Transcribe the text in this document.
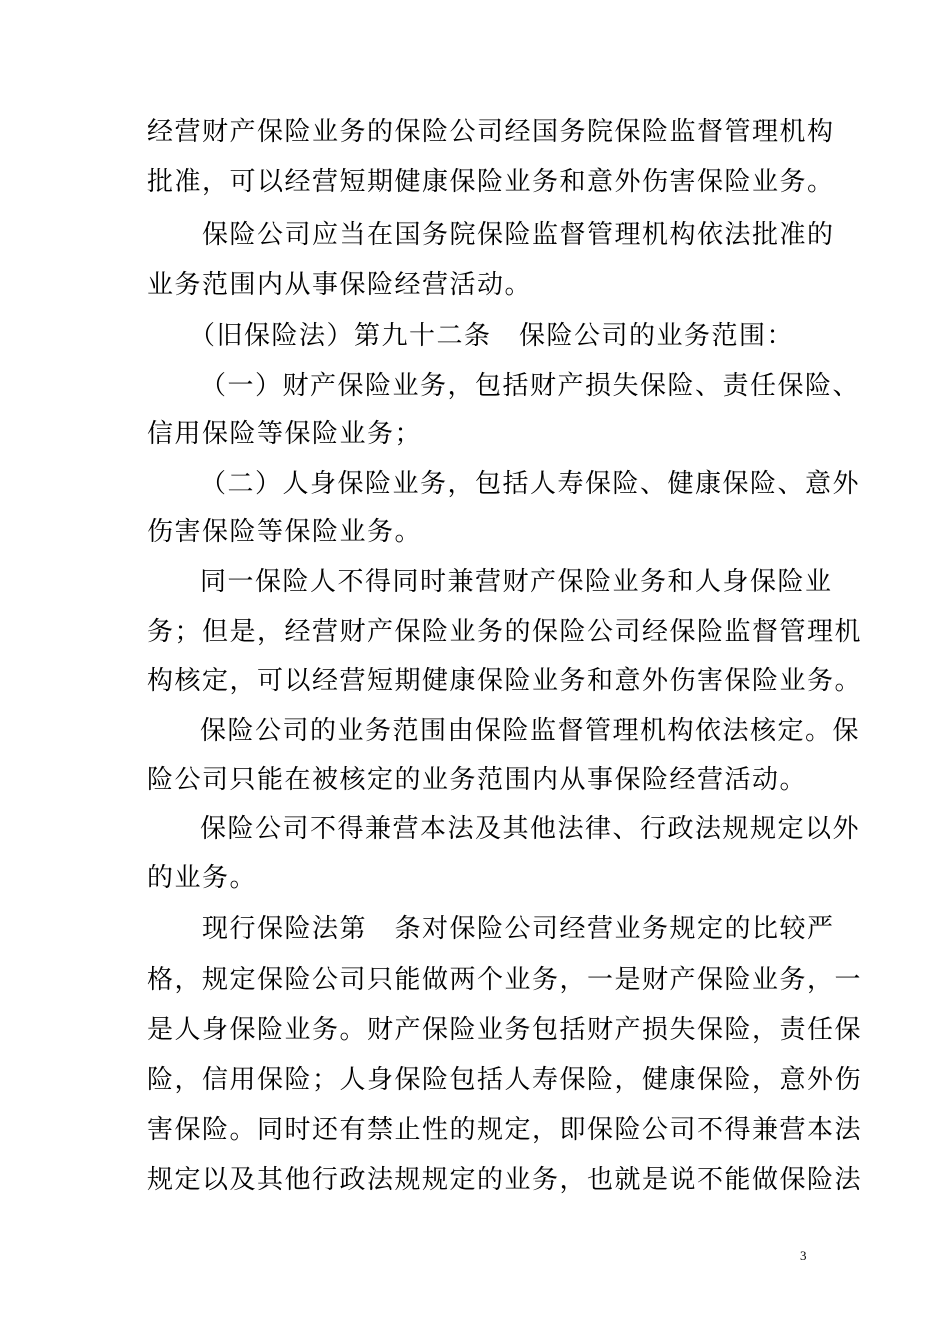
经营财产保险业务的保险公司经国务院保险监督管理机构
批准，可以经营短期健康保险业务和意外伤害保险业务。
　　保险公司应当在国务院保险监督管理机构依法批准的
业务范围内从事保险经营活动。
　　（旧保险法）第九十二条　保险公司的业务范围：
（一）财产保险业务，包括财产损失保险、责任保险、
信用保险等保险业务；
（二）人身保险业务，包括人寿保险、健康保险、意外
伤害保险等保险业务。
同一保险人不得同时兼营财产保险业务和人身保险业
务；但是，经营财产保险业务的保险公司经保险监督管理机
构核定，可以经营短期健康保险业务和意外伤害保险业务。
保险公司的业务范围由保险监督管理机构依法核定。保
险公司只能在被核定的业务范围内从事保险经营活动。
保险公司不得兼营本法及其他法律、行政法规规定以外
的业务。
　　现行保险法第　条对保险公司经营业务规定的比较严
格，规定保险公司只能做两个业务，一是财产保险业务，一
是人身保险业务。财产保险业务包括财产损失保险，责任保
险，信用保险；人身保险包括人寿保险，健康保险，意外伤
害保险。同时还有禁止性的规定，即保险公司不得兼营本法
规定以及其他行政法规规定的业务，也就是说不能做保险法
3
